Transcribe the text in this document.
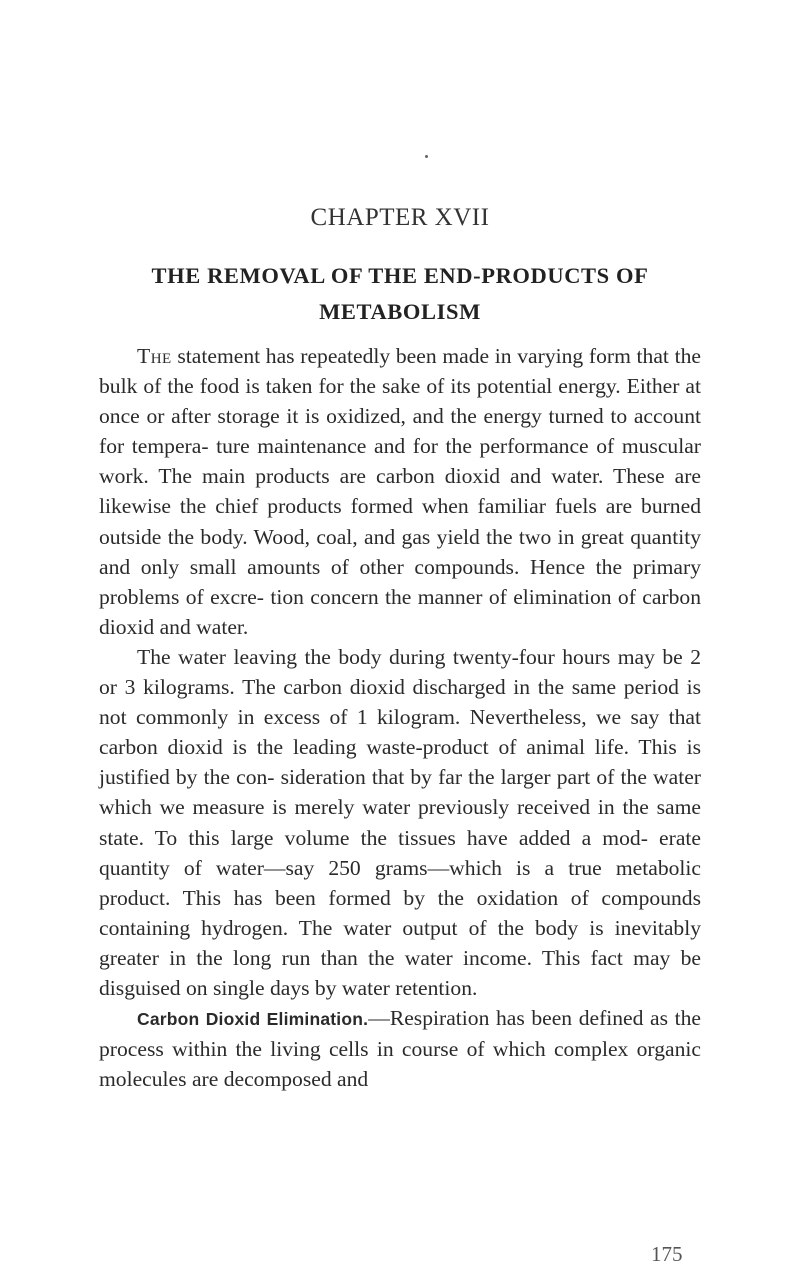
CHAPTER XVII
THE REMOVAL OF THE END-PRODUCTS OF
METABOLISM

The statement has repeatedly been made in varying form that the bulk of the food is taken for the sake of its potential energy. Either at once or after storage it is oxidized, and the energy turned to account for tempera- ture maintenance and for the performance of muscular work. The main products are carbon dioxid and water. These are likewise the chief products formed when familiar fuels are burned outside the body. Wood, coal, and gas yield the two in great quantity and only small amounts of other compounds. Hence the primary problems of excre- tion concern the manner of elimination of carbon dioxid and water.

The water leaving the body during twenty-four hours may be 2 or 3 kilograms. The carbon dioxid discharged in the same period is not commonly in excess of 1 kilogram. Nevertheless, we say that carbon dioxid is the leading waste-product of animal life. This is justified by the con- sideration that by far the larger part of the water which we measure is merely water previously received in the same state. To this large volume the tissues have added a mod- erate quantity of water—say 250 grams—which is a true metabolic product. This has been formed by the oxidation of compounds containing hydrogen. The water output of the body is inevitably greater in the long run than the water income. This fact may be disguised on single days by water retention.

Carbon Dioxid Elimination.—Respiration has been defined as the process within the living cells in course of which complex organic molecules are decomposed and

175
